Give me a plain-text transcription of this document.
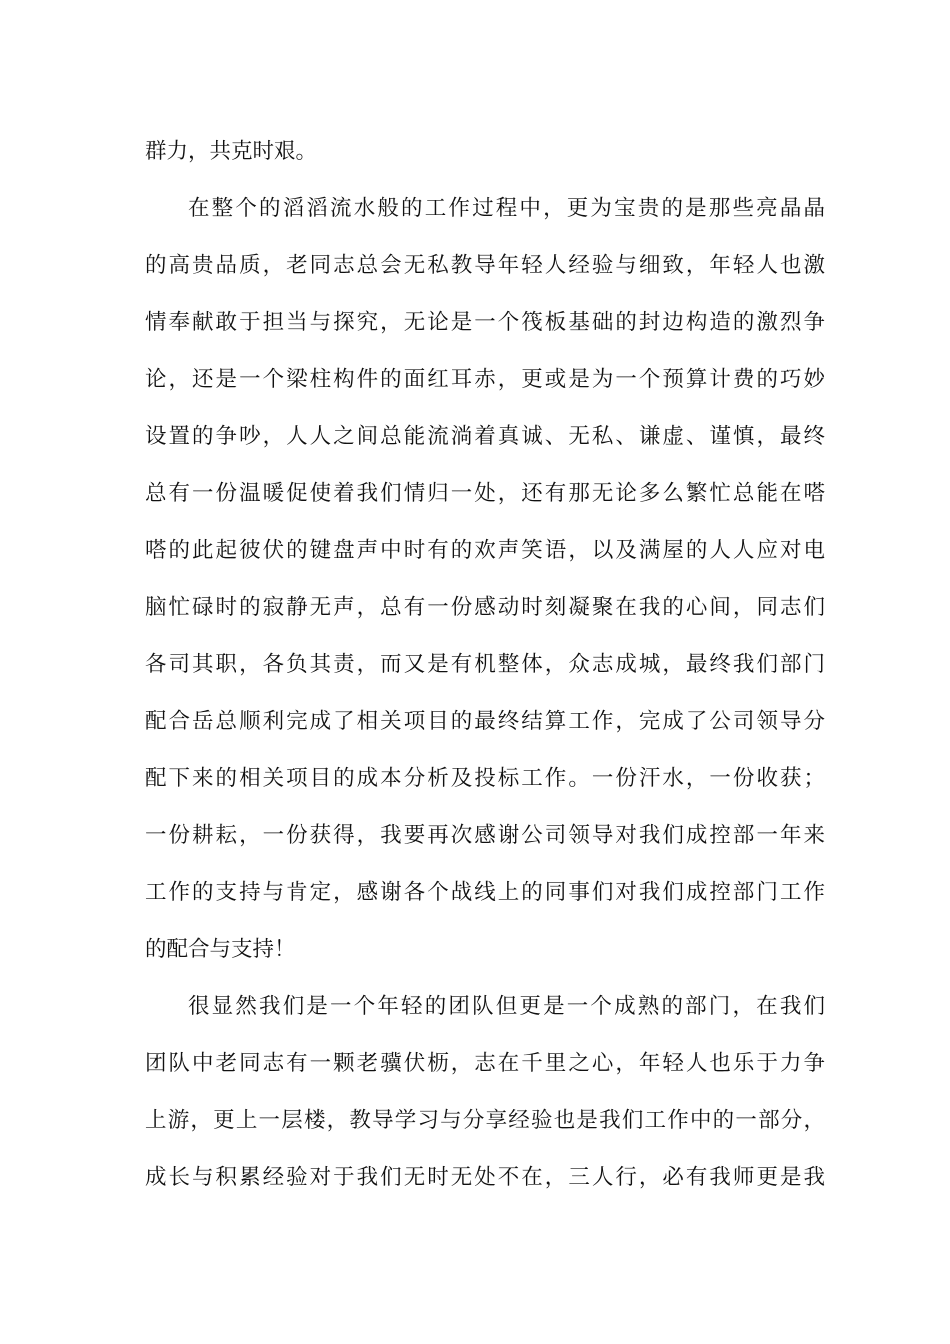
群力，共克时艰。
在整个的滔滔流水般的工作过程中，更为宝贵的是那些亮晶晶
的高贵品质，老同志总会无私教导年轻人经验与细致，年轻人也激
情奉献敢于担当与探究，无论是一个筏板基础的封边构造的激烈争
论，还是一个梁柱构件的面红耳赤，更或是为一个预算计费的巧妙
设置的争吵，人人之间总能流淌着真诚、无私、谦虚、谨慎，最终
总有一份温暖促使着我们情归一处，还有那无论多么繁忙总能在嗒
嗒的此起彼伏的键盘声中时有的欢声笑语，以及满屋的人人应对电
脑忙碌时的寂静无声，总有一份感动时刻凝聚在我的心间，同志们
各司其职，各负其责，而又是有机整体，众志成城，最终我们部门
配合岳总顺利完成了相关项目的最终结算工作，完成了公司领导分
配下来的相关项目的成本分析及投标工作。一份汗水，一份收获；
一份耕耘，一份获得，我要再次感谢公司领导对我们成控部一年来
工作的支持与肯定，感谢各个战线上的同事们对我们成控部门工作
的配合与支持！
很显然我们是一个年轻的团队但更是一个成熟的部门，在我们
团队中老同志有一颗老骥伏枥，志在千里之心，年轻人也乐于力争
上游，更上一层楼，教导学习与分享经验也是我们工作中的一部分，
成长与积累经验对于我们无时无处不在，三人行，必有我师更是我
